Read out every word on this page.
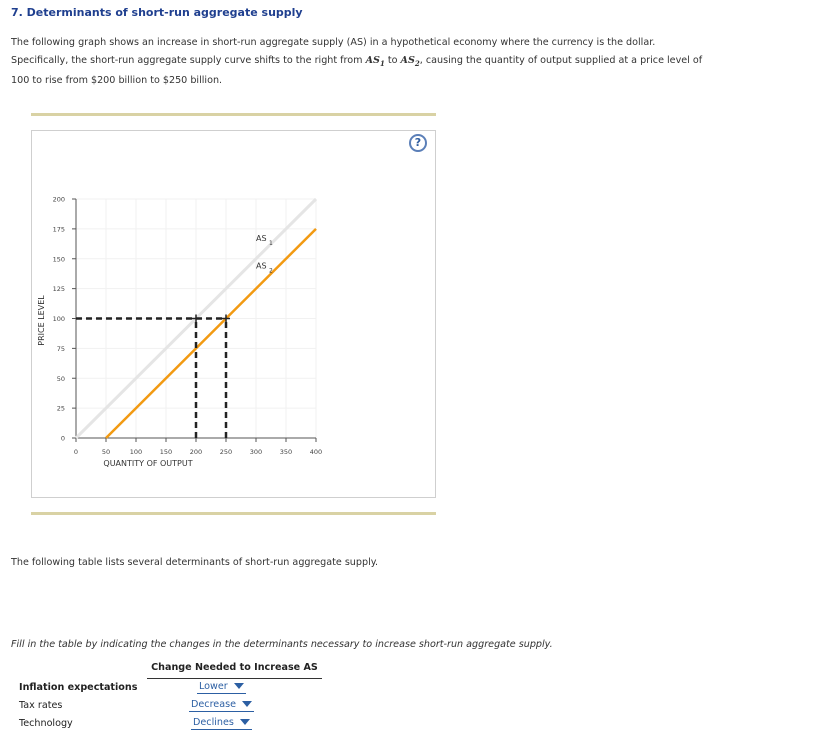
7. Determinants of short-run aggregate supply
The following graph shows an increase in short-run aggregate supply (AS) in a hypothetical economy where the currency is the dollar. Specifically, the short-run aggregate supply curve shifts to the right from $AS_1$ to $AS_2$, causing the quantity of output supplied at a price level of 100 to rise from $200 billion to $250 billion.
?
0	50	100	150	200	250	300	350	400
0
25
50
75
100
125
150
175
200
QUANTITY OF OUTPUT
PRICE LEVEL
AS
1
AS
2
The following table lists several determinants of short-run aggregate supply.
Fill in the table by indicating the changes in the determinants necessary to increase short-run aggregate supply.
Change Needed to Increase AS
Inflation expectations	Lower
Tax rates	Decrease
Technology	Declines
